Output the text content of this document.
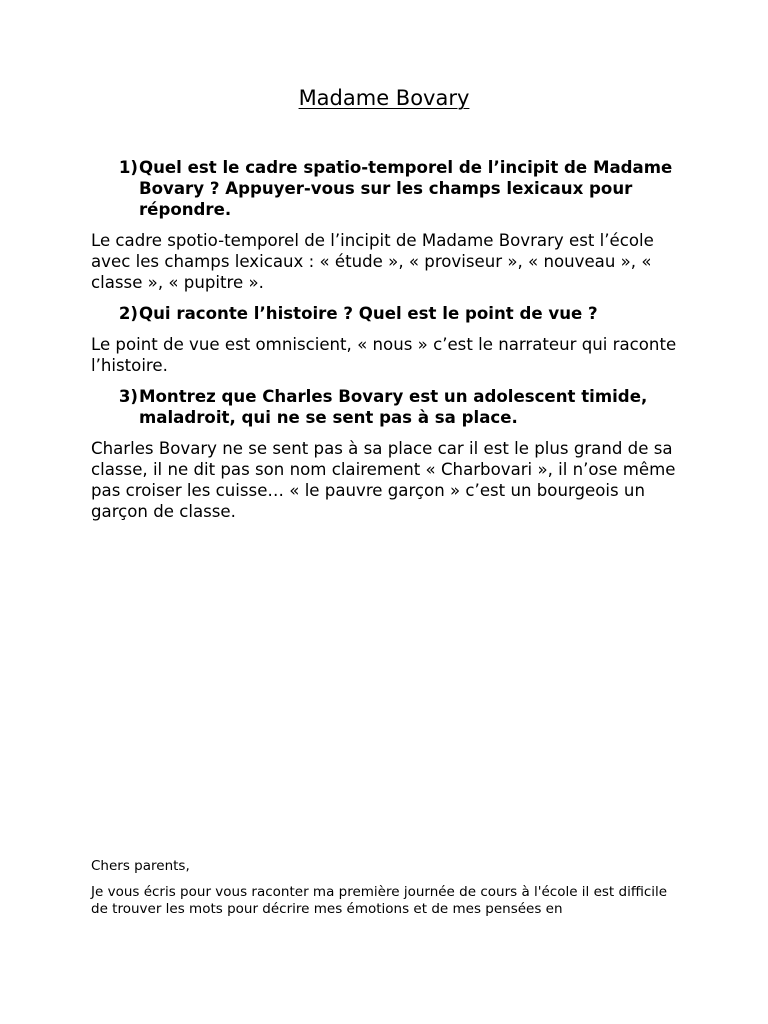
Madame Bovary
1) Quel est le cadre spatio-temporel de l’incipit de Madame Bovary ? Appuyer-vous sur les champs lexicaux pour répondre.
Le cadre spotio-temporel de l’incipit de Madame Bovrary est l’école avec les champs lexicaux : « étude », « proviseur », « nouveau », « classe », « pupitre ».
2) Qui raconte l’histoire ? Quel est le point de vue ?
Le point de vue est omniscient, « nous » c’est le narrateur qui raconte l’histoire.
3) Montrez que Charles Bovary est un adolescent timide, maladroit, qui ne se sent pas à sa place.
Charles Bovary ne se sent pas à sa place car il est le plus grand de sa classe, il ne dit pas son nom clairement « Charbovari », il n’ose même pas croiser les cuisse… « le pauvre garçon » c’est un bourgeois un garçon de classe.

Chers parents,

Je vous écris pour vous raconter ma première journée de cours à l'école il est difficile de trouver les mots pour décrire mes émotions et de mes pensées en
